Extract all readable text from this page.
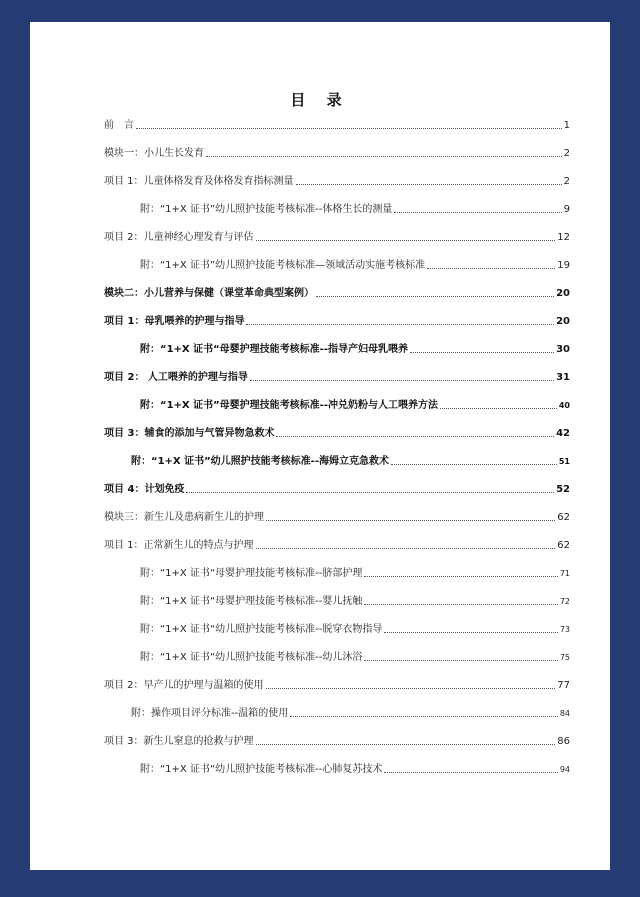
目 录
前　言	1
模块一：小儿生长发育	2
项目 1：儿童体格发育及体格发育指标测量	2
附：“1+X 证书”幼儿照护技能考核标准--体格生长的测量	9
项目 2：儿童神经心理发育与评估	12
附：“1+X 证书”幼儿照护技能考核标准—领域活动实施考核标准	19
模块二：小儿营养与保健（课堂革命典型案例）	20
项目 1：母乳喂养的护理与指导	20
附：“1+X 证书“母婴护理技能考核标准--指导产妇母乳喂养	30
项目 2： 人工喂养的护理与指导	31
附：“1+X 证书”母婴护理技能考核标准--冲兑奶粉与人工喂养方法	40
项目 3：辅食的添加与气管异物急救术	42
附：“1+X 证书”幼儿照护技能考核标准--海姆立克急救术	51
项目 4：计划免疫	52
模块三：新生儿及患病新生儿的护理	62
项目 1：正常新生儿的特点与护理	62
附：“1+X 证书“母婴护理技能考核标准--脐部护理	71
附：“1+X 证书“母婴护理技能考核标准--婴儿抚触	72
附：“1+X 证书“幼儿照护技能考核标准--脱穿衣物指导	73
附：“1+X 证书“幼儿照护技能考核标准--幼儿沐浴	75
项目 2：早产儿的护理与温箱的使用	77
附：操作项目评分标准--温箱的使用	84
项目 3：新生儿窒息的抢救与护理	86
附：“1+X 证书“幼儿照护技能考核标准--心肺复苏技术	94
